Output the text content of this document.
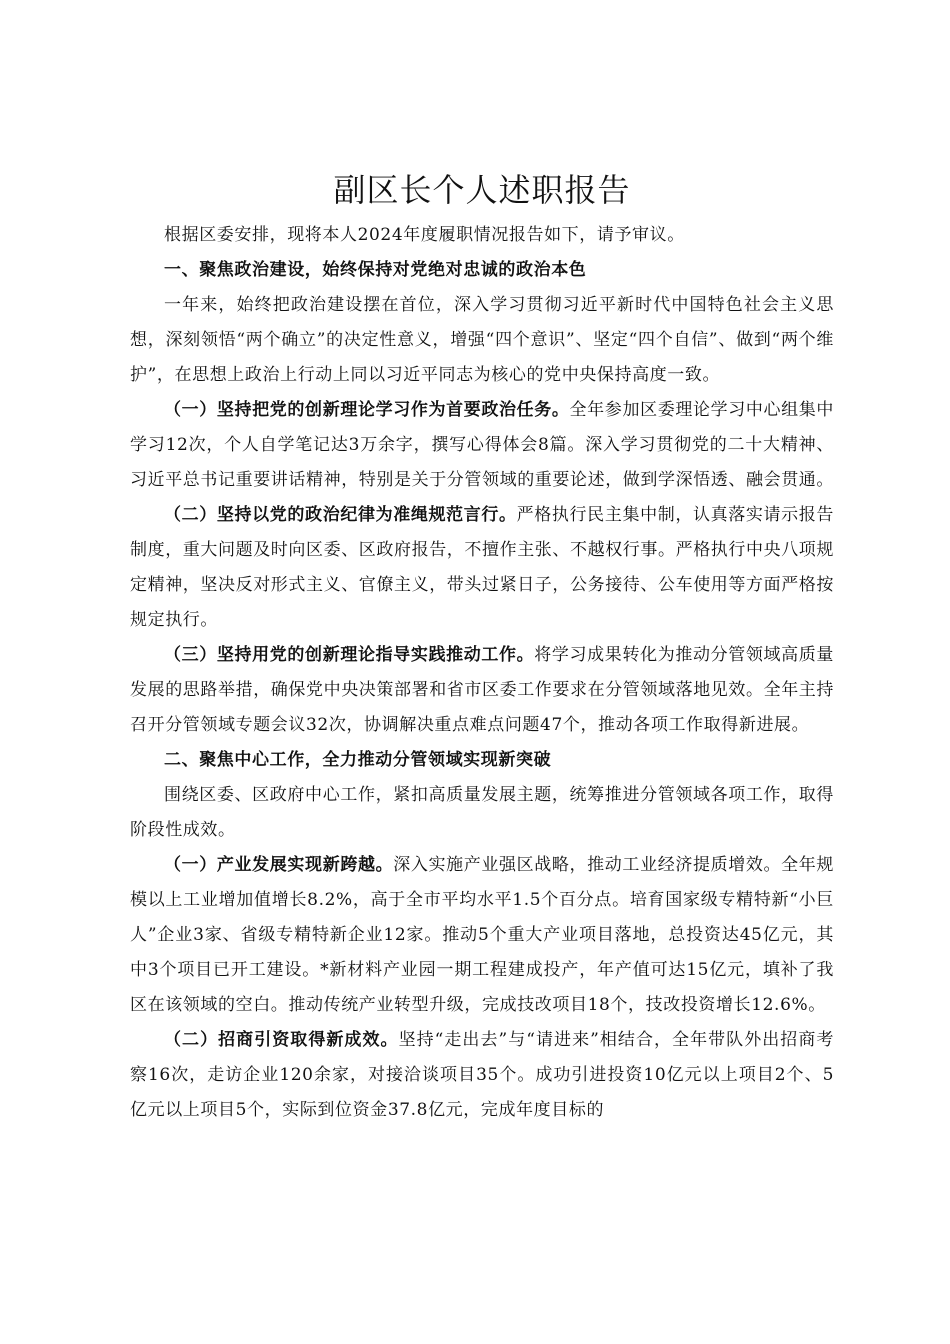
副区长个人述职报告

根据区委安排，现将本人2024年度履职情况报告如下，请予审议。

一、聚焦政治建设，始终保持对党绝对忠诚的政治本色

一年来，始终把政治建设摆在首位，深入学习贯彻习近平新时代中国特色社会主义思想，深刻领悟“两个确立”的决定性意义，增强“四个意识”、坚定“四个自信”、做到“两个维护”，在思想上政治上行动上同以习近平同志为核心的党中央保持高度一致。

（一）坚持把党的创新理论学习作为首要政治任务。全年参加区委理论学习中心组集中学习12次，个人自学笔记达3万余字，撰写心得体会8篇。深入学习贯彻党的二十大精神、习近平总书记重要讲话精神，特别是关于分管领域的重要论述，做到学深悟透、融会贯通。

（二）坚持以党的政治纪律为准绳规范言行。严格执行民主集中制，认真落实请示报告制度，重大问题及时向区委、区政府报告，不擅作主张、不越权行事。严格执行中央八项规定精神，坚决反对形式主义、官僚主义，带头过紧日子，公务接待、公车使用等方面严格按规定执行。

（三）坚持用党的创新理论指导实践推动工作。将学习成果转化为推动分管领域高质量发展的思路举措，确保党中央决策部署和省市区委工作要求在分管领域落地见效。全年主持召开分管领域专题会议32次，协调解决重点难点问题47个，推动各项工作取得新进展。

二、聚焦中心工作，全力推动分管领域实现新突破

围绕区委、区政府中心工作，紧扣高质量发展主题，统筹推进分管领域各项工作，取得阶段性成效。

（一）产业发展实现新跨越。深入实施产业强区战略，推动工业经济提质增效。全年规模以上工业增加值增长8.2%，高于全市平均水平1.5个百分点。培育国家级专精特新“小巨人”企业3家、省级专精特新企业12家。推动5个重大产业项目落地，总投资达45亿元，其中3个项目已开工建设。*新材料产业园一期工程建成投产，年产值可达15亿元，填补了我区在该领域的空白。推动传统产业转型升级，完成技改项目18个，技改投资增长12.6%。

（二）招商引资取得新成效。坚持“走出去”与“请进来”相结合，全年带队外出招商考察16次，走访企业120余家，对接洽谈项目35个。成功引进投资10亿元以上项目2个、5亿元以上项目5个，实际到位资金37.8亿元，完成年度目标的
